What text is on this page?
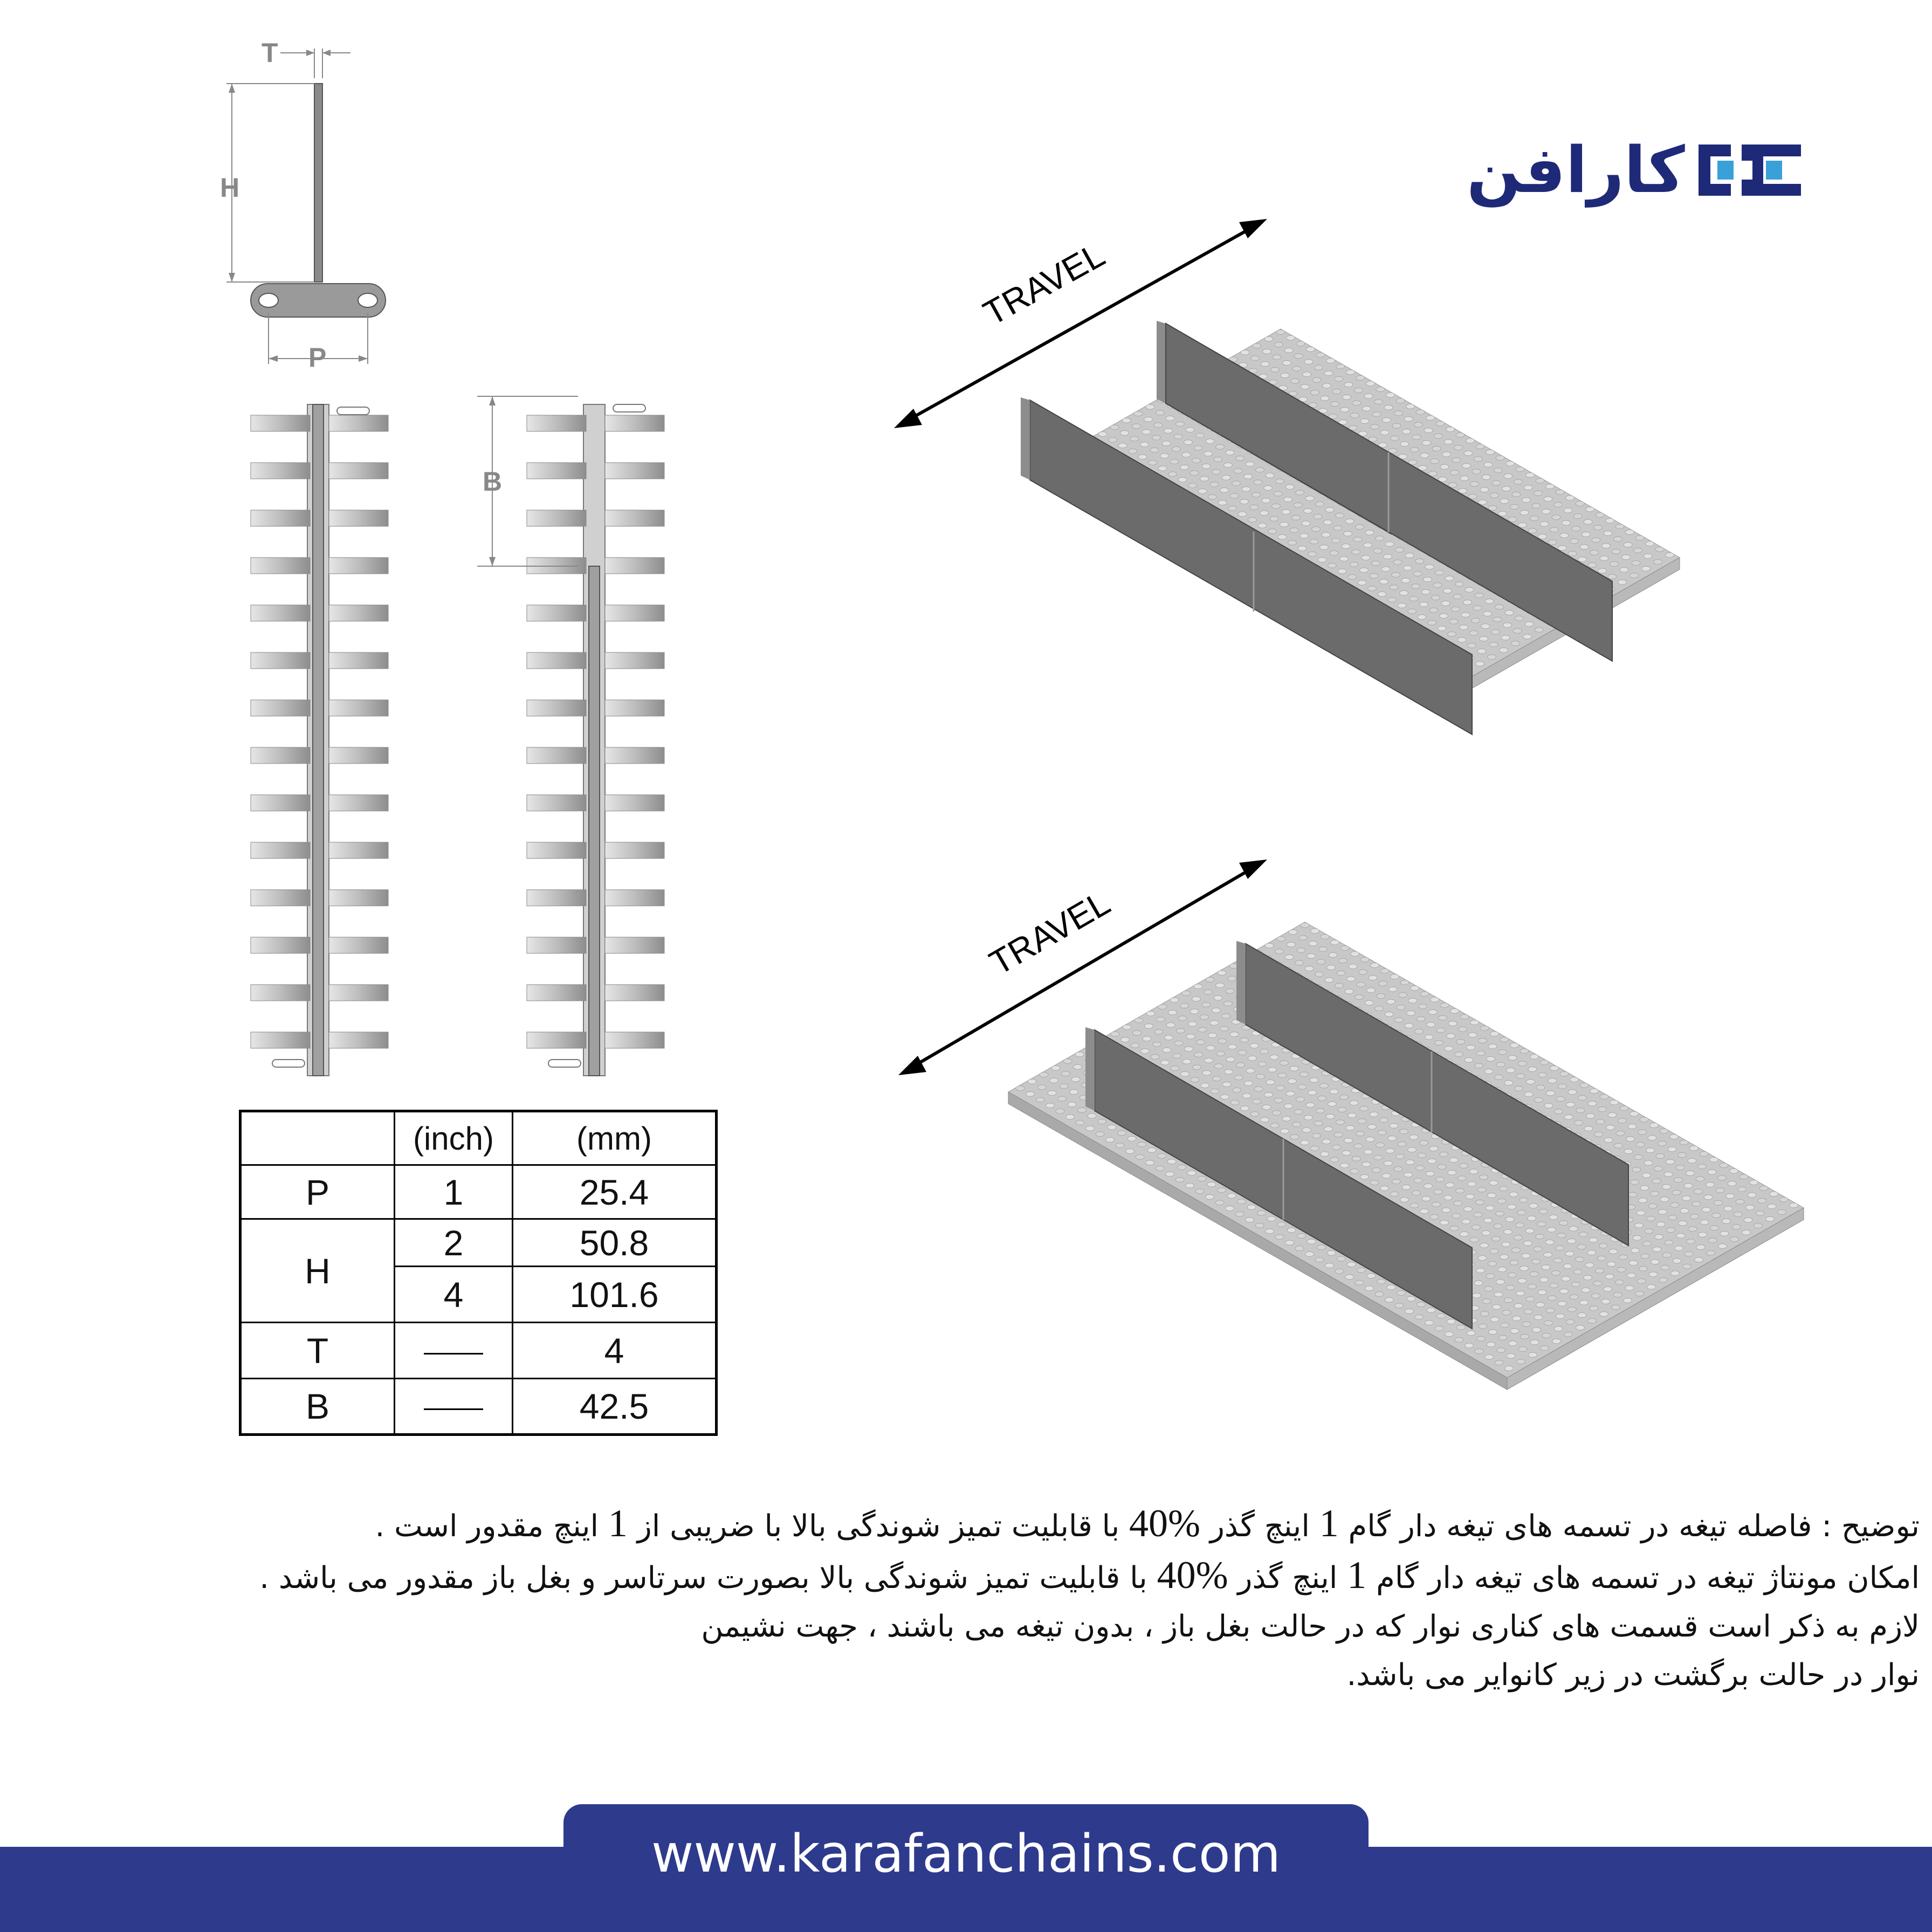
کارافن
T
H
P
B
	(inch)	(mm)
P	1	25.4
H	2	50.8
	4	101.6
T		4
B		42.5
TRAVEL
TRAVEL

توضیح : فاصله تیغه در تسمه های تیغه دار گام 1 اینچ گذر 40% با قابلیت تمیز شوندگی بالا با ضریبی از 1 اینچ مقدور است .

امکان مونتاژ تیغه در تسمه های تیغه دار گام 1 اینچ گذر 40% با قابلیت تمیز شوندگی بالا بصورت سرتاسر و بغل باز مقدور می باشد .

لازم به ذکر است قسمت های کناری نوار که در حالت بغل باز ، بدون تیغه می باشند ، جهت نشیمن

نوار در حالت برگشت در زیر کانوایر می باشد.

www.karafanchains.com
